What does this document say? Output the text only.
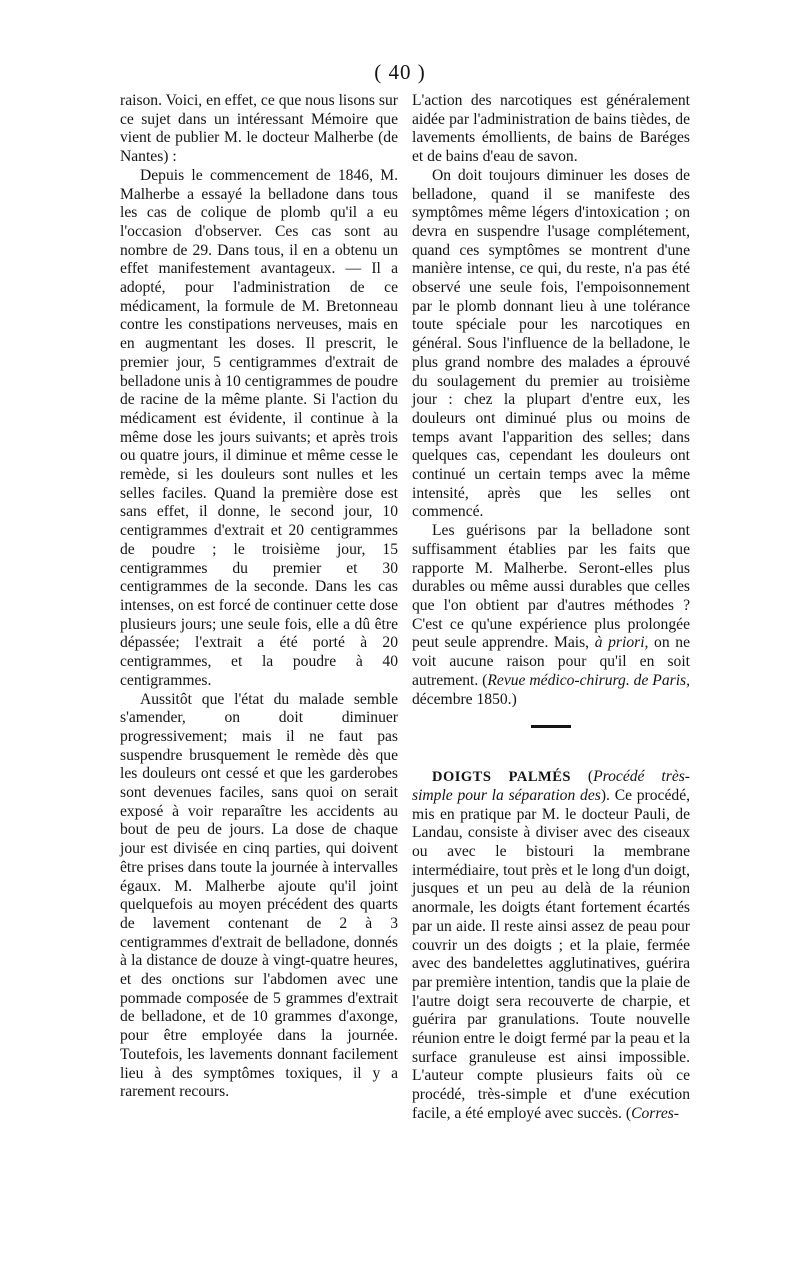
( 40 )

raison. Voici, en effet, ce que nous lisons sur ce sujet dans un intéressant Mémoire que vient de publier M. le docteur Malherbe (de Nantes) :

Depuis le commencement de 1846, M. Malherbe a essayé la belladone dans tous les cas de colique de plomb qu'il a eu l'occasion d'observer. Ces cas sont au nombre de 29. Dans tous, il en a obtenu un effet manifestement avantageux. — Il a adopté, pour l'administration de ce médicament, la formule de M. Bretonneau contre les constipations nerveuses, mais en en augmentant les doses. Il prescrit, le premier jour, 5 centigrammes d'extrait de belladone unis à 10 centigrammes de poudre de racine de la même plante. Si l'action du médicament est évidente, il continue à la même dose les jours suivants; et après trois ou quatre jours, il diminue et même cesse le remède, si les douleurs sont nulles et les selles faciles. Quand la première dose est sans effet, il donne, le second jour, 10 centigrammes d'extrait et 20 centigrammes de poudre ; le troisième jour, 15 centigrammes du premier et 30 centigrammes de la seconde. Dans les cas intenses, on est forcé de continuer cette dose plusieurs jours; une seule fois, elle a dû être dépassée; l'extrait a été porté à 20 centigrammes, et la poudre à 40 centigrammes.

Aussitôt que l'état du malade semble s'amender, on doit diminuer progressivement; mais il ne faut pas suspendre brusquement le remède dès que les douleurs ont cessé et que les garderobes sont devenues faciles, sans quoi on serait exposé à voir reparaître les accidents au bout de peu de jours. La dose de chaque jour est divisée en cinq parties, qui doivent être prises dans toute la journée à intervalles égaux. M. Malherbe ajoute qu'il joint quelquefois au moyen précédent des quarts de lavement contenant de 2 à 3 centigrammes d'extrait de belladone, donnés à la distance de douze à vingt-quatre heures, et des onctions sur l'abdomen avec une pommade composée de 5 grammes d'extrait de belladone, et de 10 grammes d'axonge, pour être employée dans la journée. Toutefois, les lavements donnant facilement lieu à des symptômes toxiques, il y a rarement recours.

L'action des narcotiques est généralement aidée par l'administration de bains tièdes, de lavements émollients, de bains de Baréges et de bains d'eau de savon.

On doit toujours diminuer les doses de belladone, quand il se manifeste des symptômes même légers d'intoxication ; on devra en suspendre l'usage complétement, quand ces symptômes se montrent d'une manière intense, ce qui, du reste, n'a pas été observé une seule fois, l'empoisonnement par le plomb donnant lieu à une tolérance toute spéciale pour les narcotiques en général. Sous l'influence de la belladone, le plus grand nombre des malades a éprouvé du soulagement du premier au troisième jour : chez la plupart d'entre eux, les douleurs ont diminué plus ou moins de temps avant l'apparition des selles; dans quelques cas, cependant les douleurs ont continué un certain temps avec la même intensité, après que les selles ont commencé.

Les guérisons par la belladone sont suffisamment établies par les faits que rapporte M. Malherbe. Seront-elles plus durables ou même aussi durables que celles que l'on obtient par d'autres méthodes ? C'est ce qu'une expérience plus prolongée peut seule apprendre. Mais, à priori, on ne voit aucune raison pour qu'il en soit autrement. (Revue médico-chirurg. de Paris, décembre 1850.)

DOIGTS PALMÉS (Procédé très-simple pour la séparation des). Ce procédé, mis en pratique par M. le docteur Pauli, de Landau, consiste à diviser avec des ciseaux ou avec le bistouri la membrane intermédiaire, tout près et le long d'un doigt, jusques et un peu au delà de la réunion anormale, les doigts étant fortement écartés par un aide. Il reste ainsi assez de peau pour couvrir un des doigts ; et la plaie, fermée avec des bandelettes agglutinatives, guérira par première intention, tandis que la plaie de l'autre doigt sera recouverte de charpie, et guérira par granulations. Toute nouvelle réunion entre le doigt fermé par la peau et la surface granuleuse est ainsi impossible. L'auteur compte plusieurs faits où ce procédé, très-simple et d'une exécution facile, a été employé avec succès. (Corres-
